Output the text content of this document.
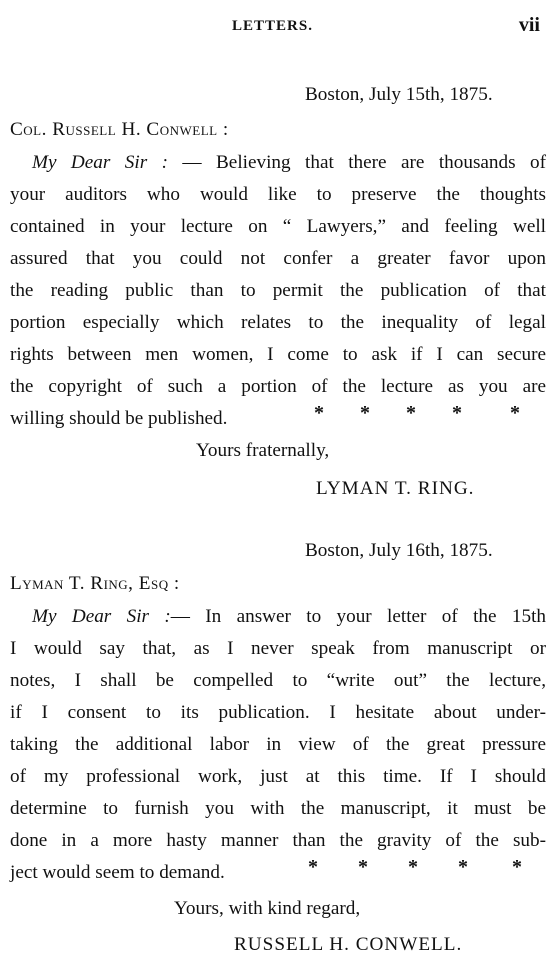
LETTERS.	vii
Boston, July 15th, 1875.
Col. Russell H. Conwell :
My Dear Sir : — Believing that there are thousands of
your auditors who would like to preserve the thoughts
contained in your lecture on “ Lawyers,” and feeling well
assured that you could not confer a greater favor upon
the reading public than to permit the publication of that
portion especially which relates to the inequality of legal
rights between men women, I come to ask if I can secure
the copyright of such a portion of the lecture as you are
willing should be published.	* * * * *
Yours fraternally,
LYMAN T. RING.
Boston, July 16th, 1875.
Lyman T. Ring, Esq :
My Dear Sir :— In answer to your letter of the 15th
I would say that, as I never speak from manuscript or
notes, I shall be compelled to “write out” the lecture,
if I consent to its publication. I hesitate about under-
taking the additional labor in view of the great pressure
of my professional work, just at this time. If I should
determine to furnish you with the manuscript, it must be
done in a more hasty manner than the gravity of the sub-
ject would seem to demand.	* * * * *
Yours, with kind regard,
RUSSELL H. CONWELL.
